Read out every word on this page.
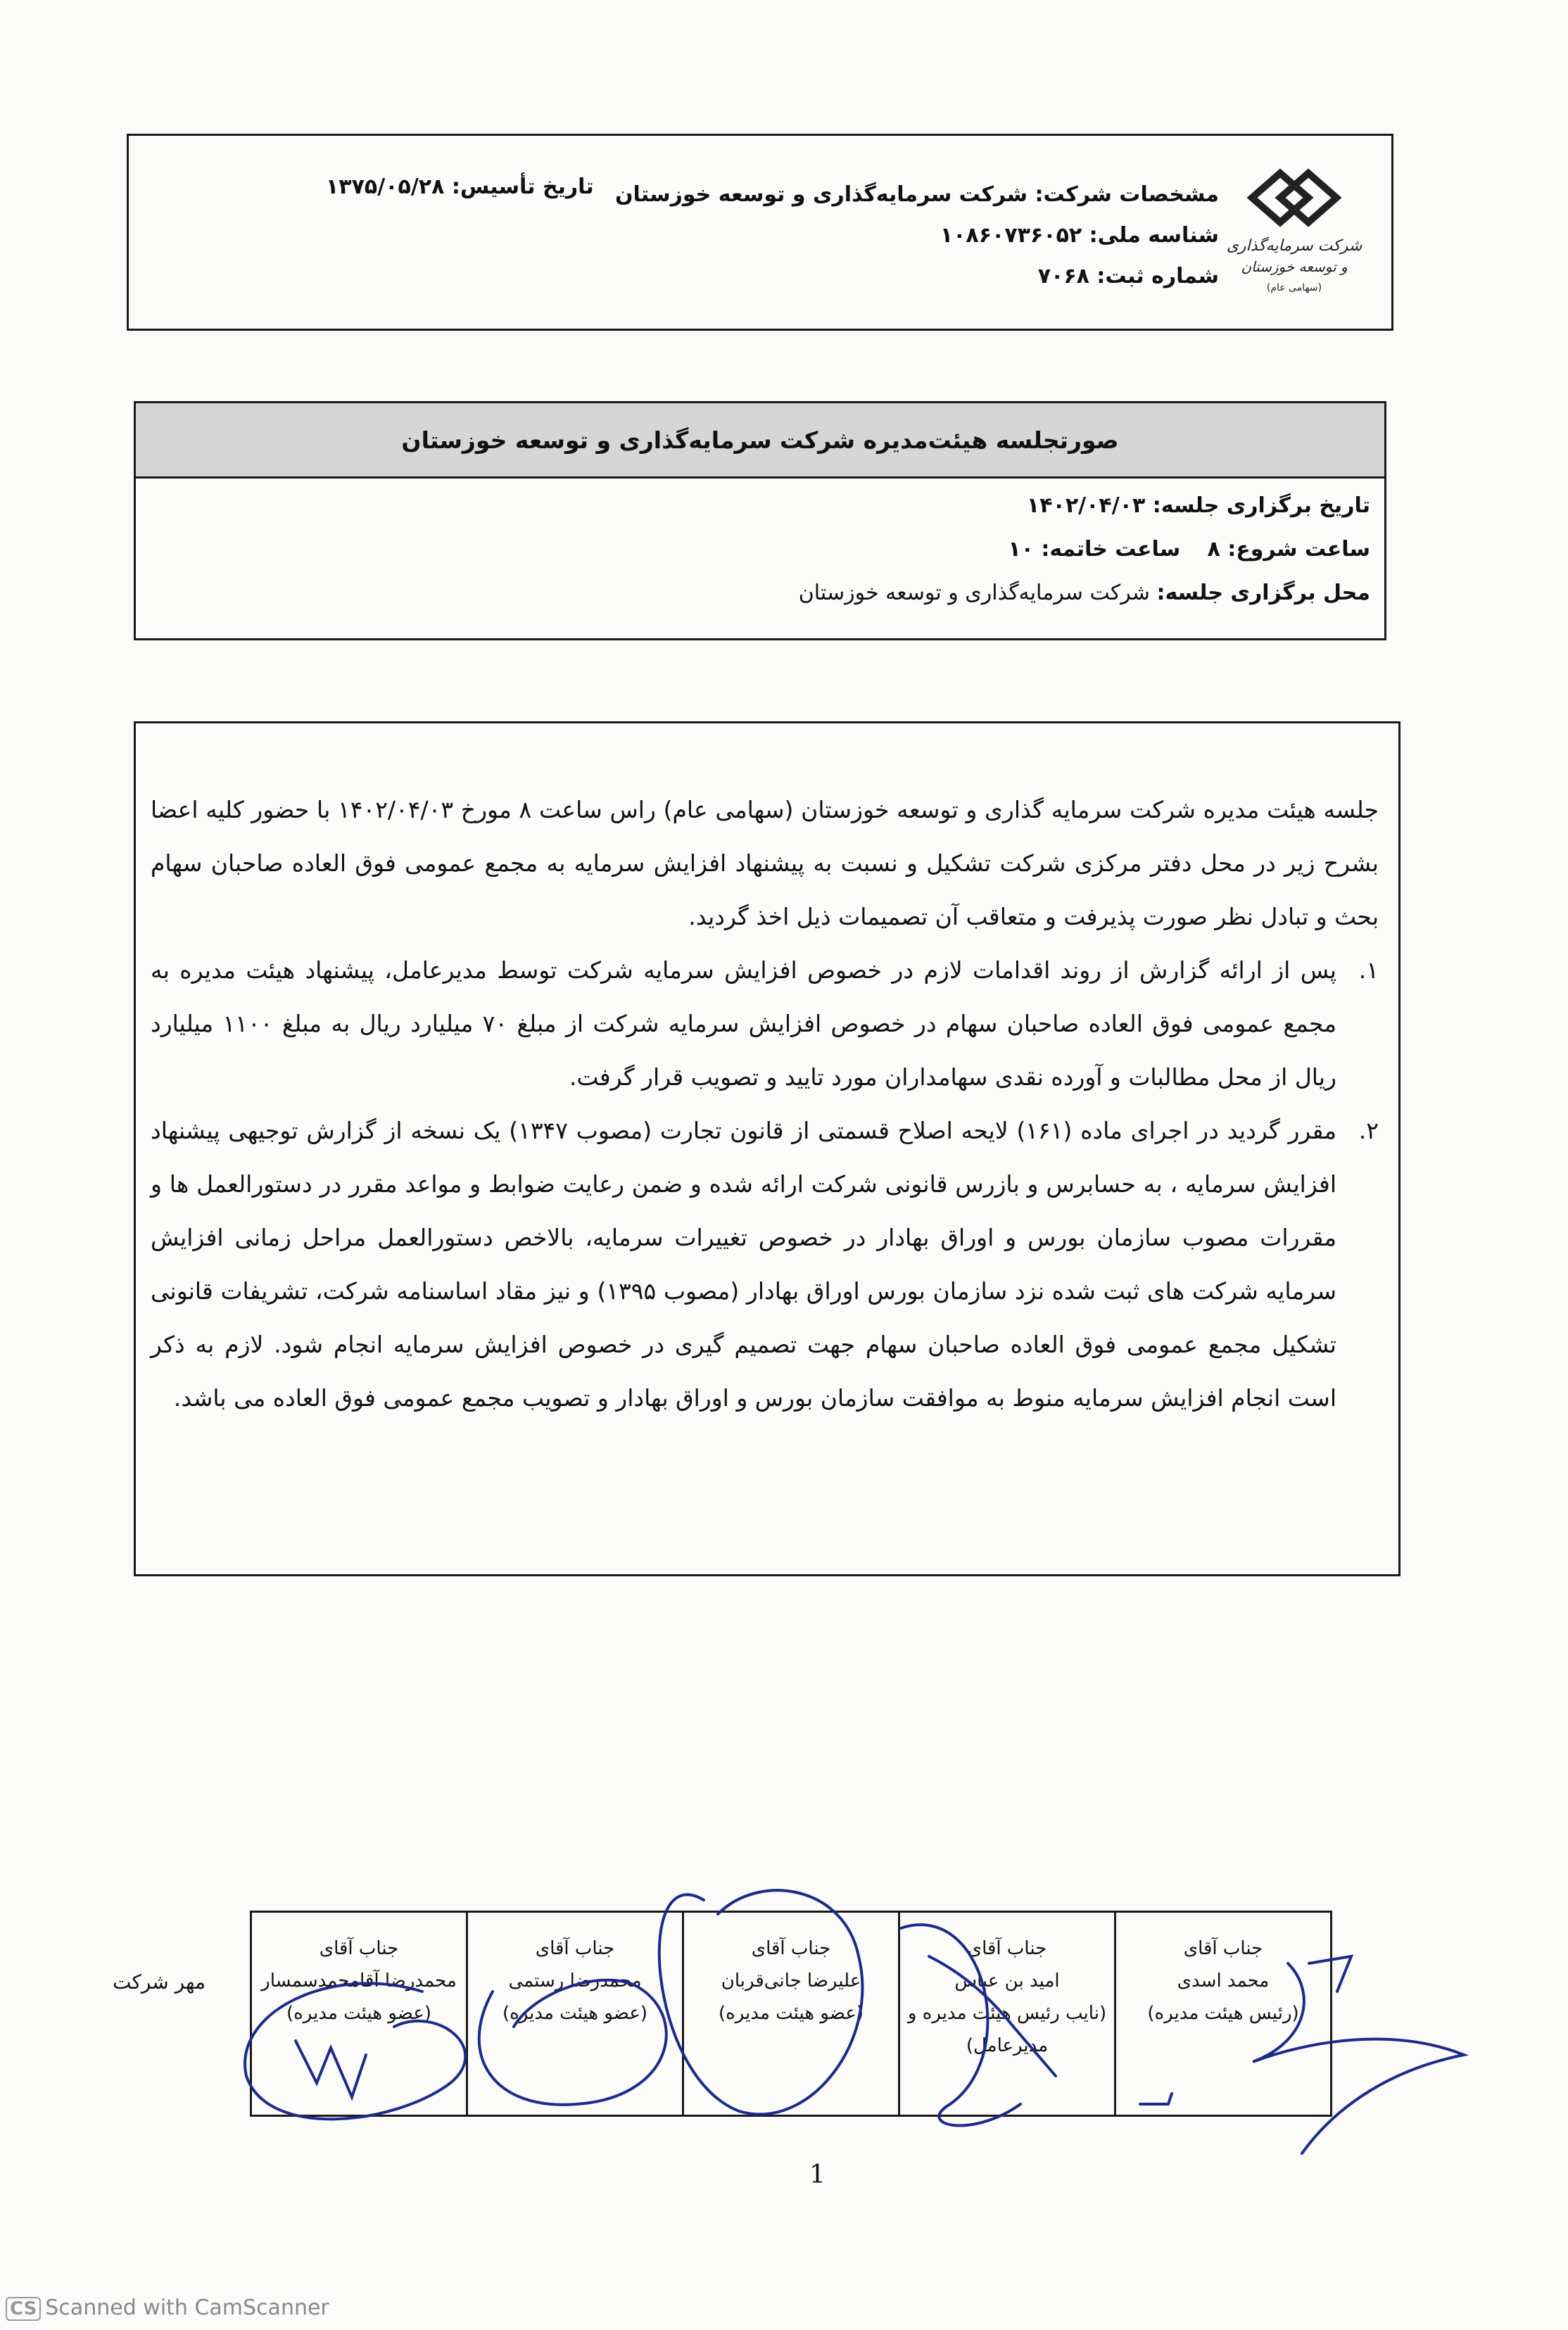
شرکت سرمایه‌گذاری
و توسعه خوزستان
(سهامی عام)
مشخصات شرکت: شرکت سرمایه‌گذاری و توسعه خوزستان
شناسه ملی: ۱۰۸۶۰۷۳۶۰۵۲
شماره ثبت: ۷۰۶۸
تاریخ تأسیس: ۱۳۷۵/۰۵/۲۸
صورتجلسه هیئت‌مدیره شرکت سرمایه‌گذاری و توسعه خوزستان
تاریخ برگزاری جلسه: ۱۴۰۲/۰۴/۰۳
ساعت شروع: ۸    ساعت خاتمه: ۱۰
محل برگزاری جلسه: شرکت سرمایه‌گذاری و توسعه خوزستان

جلسه هیئت مدیره شرکت سرمایه گذاری و توسعه خوزستان (سهامی عام) راس ساعت ۸ مورخ ۱۴۰۲/۰۴/۰۳ با حضور کلیه اعضا بشرح زیر در محل دفتر مرکزی شرکت تشکیل و نسبت به پیشنهاد افزایش سرمایه به مجمع عمومی فوق العاده صاحبان سهام بحث و تبادل نظر صورت پذیرفت و متعاقب آن تصمیمات ذیل اخذ گردید.

۱.
پس از ارائه گزارش از روند اقدامات لازم در خصوص افزایش سرمایه شرکت توسط مدیرعامل، پیشنهاد هیئت مدیره به مجمع عمومی فوق العاده صاحبان سهام در خصوص افزایش سرمایه شرکت از مبلغ ۷۰ میلیارد ریال به مبلغ ۱۱۰۰ میلیارد ریال از محل مطالبات و آورده نقدی سهامداران مورد تایید و تصویب قرار گرفت.
۲.
مقرر گردید در اجرای ماده (۱۶۱) لایحه اصلاح قسمتی از قانون تجارت (مصوب ۱۳۴۷) یک نسخه از گزارش توجیهی پیشنهاد افزایش سرمایه ، به حسابرس و بازرس قانونی شرکت ارائه شده و ضمن رعایت ضوابط و مواعد مقرر در دستورالعمل ها و مقررات مصوب سازمان بورس و اوراق بهادار در خصوص تغییرات سرمایه، بالاخص دستورالعمل مراحل زمانی افزایش سرمایه شرکت های ثبت شده نزد سازمان بورس اوراق بهادار (مصوب ۱۳۹۵) و نیز مقاد اساسنامه شرکت، تشریفات قانونی تشکیل مجمع عمومی فوق العاده صاحبان سهام جهت تصمیم گیری در خصوص افزایش سرمایه انجام شود. لازم به ذکر است انجام افزایش سرمایه منوط به موافقت سازمان بورس و اوراق بهادار و تصویب مجمع عمومی فوق العاده می باشد.
مهر شرکت
جناب آقای
محمد اسدی
(رئیس هیئت مدیره)
جناب آقای
امید بن عباس
(نایب رئیس هیئت مدیره و مدیرعامل)
جناب آقای
علیرضا جانی‌قربان
(عضو هیئت مدیره)
جناب آقای
محمدرضا رستمی
(عضو هیئت مدیره)
جناب آقای
محمدرضا آقامحمدسمسار
(عضو هیئت مدیره)
1
CS Scanned with CamScanner
